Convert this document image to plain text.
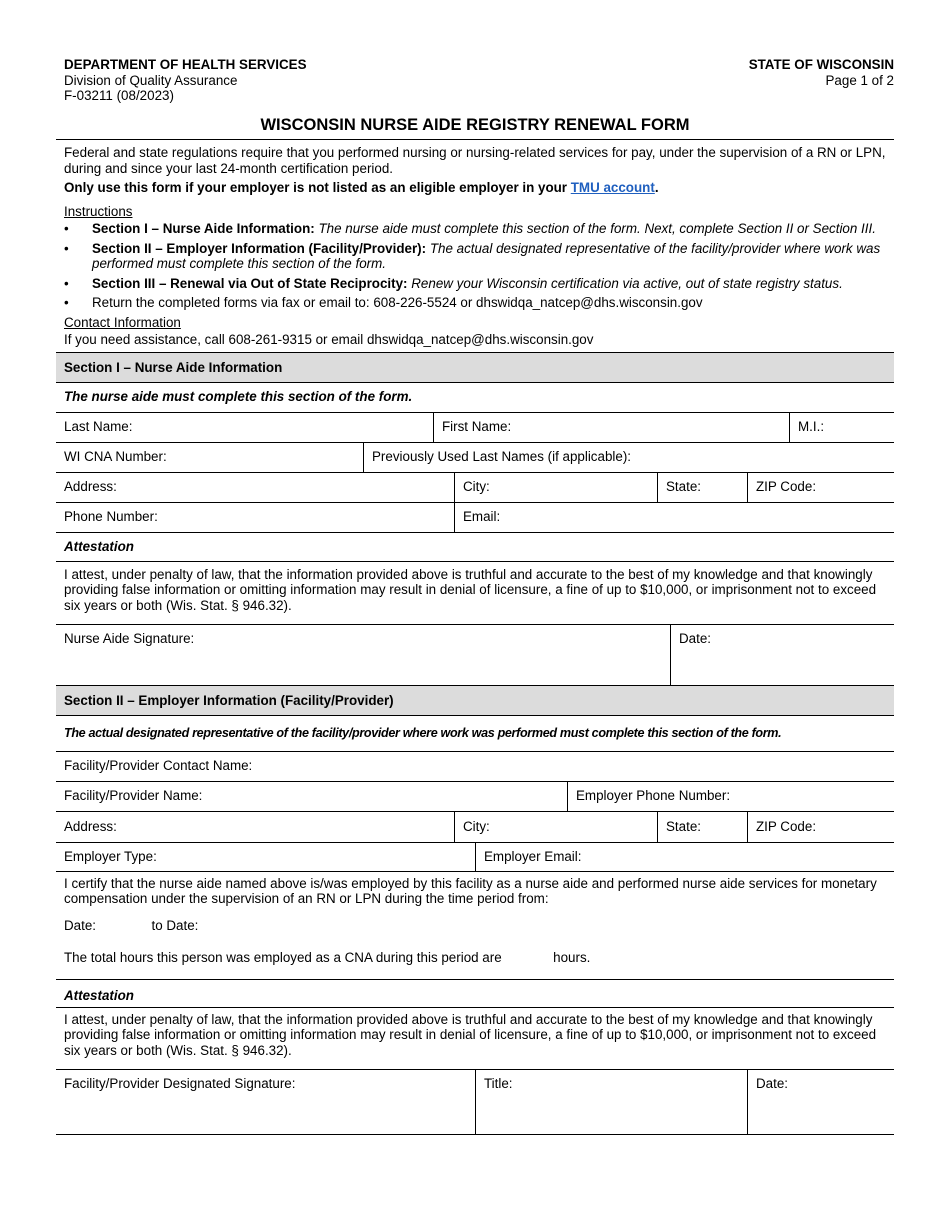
DEPARTMENT OF HEALTH SERVICES
Division of Quality Assurance
F-03211 (08/2023)
STATE OF WISCONSIN
Page 1 of 2
WISCONSIN NURSE AIDE REGISTRY RENEWAL FORM

Federal and state regulations require that you performed nursing or nursing-related services for pay, under the supervision of a RN or LPN, during and since your last 24-month certification period.

Only use this form if your employer is not listed as an eligible employer in your TMU account.

Instructions
•	Section I – Nurse Aide Information: The nurse aide must complete this section of the form. Next, complete Section II or Section III.
•	Section II – Employer Information (Facility/Provider): The actual designated representative of the facility/provider where work was performed must complete this section of the form.
•	Section III – Renewal via Out of State Reciprocity: Renew your Wisconsin certification via active, out of state registry status.
•	Return the completed forms via fax or email to: 608-226-5524 or dhswidqa_natcep@dhs.wisconsin.gov
Contact Information
If you need assistance, call 608-261-9315 or email dhswidqa_natcep@dhs.wisconsin.gov
Section I – Nurse Aide Information
The nurse aide must complete this section of the form.
Last Name:	First Name:	M.I.:
WI CNA Number:	Previously Used Last Names (if applicable):
Address:	City:	State:	ZIP Code:
Phone Number:	Email:
Attestation
I attest, under penalty of law, that the information provided above is truthful and accurate to the best of my knowledge and that knowingly providing false information or omitting information may result in denial of licensure, a fine of up to $10,000, or imprisonment not to exceed six years or both (Wis. Stat. § 946.32).
Nurse Aide Signature:	Date:
Section II – Employer Information (Facility/Provider)
The actual designated representative of the facility/provider where work was performed must complete this section of the form.
Facility/Provider Contact Name:
Facility/Provider Name:	Employer Phone Number:
Address:	City:	State:	ZIP Code:
Employer Type:	Employer Email:
I certify that the nurse aide named above is/was employed by this facility as a nurse aide and performed nurse aide services for monetary compensation under the supervision of an RN or LPN during the time period from:
Date:	to Date:
The total hours this person was employed as a CNA during this period are	hours.
Attestation
I attest, under penalty of law, that the information provided above is truthful and accurate to the best of my knowledge and that knowingly providing false information or omitting information may result in denial of licensure, a fine of up to $10,000, or imprisonment not to exceed six years or both (Wis. Stat. § 946.32).
Facility/Provider Designated Signature:	Title:	Date:
